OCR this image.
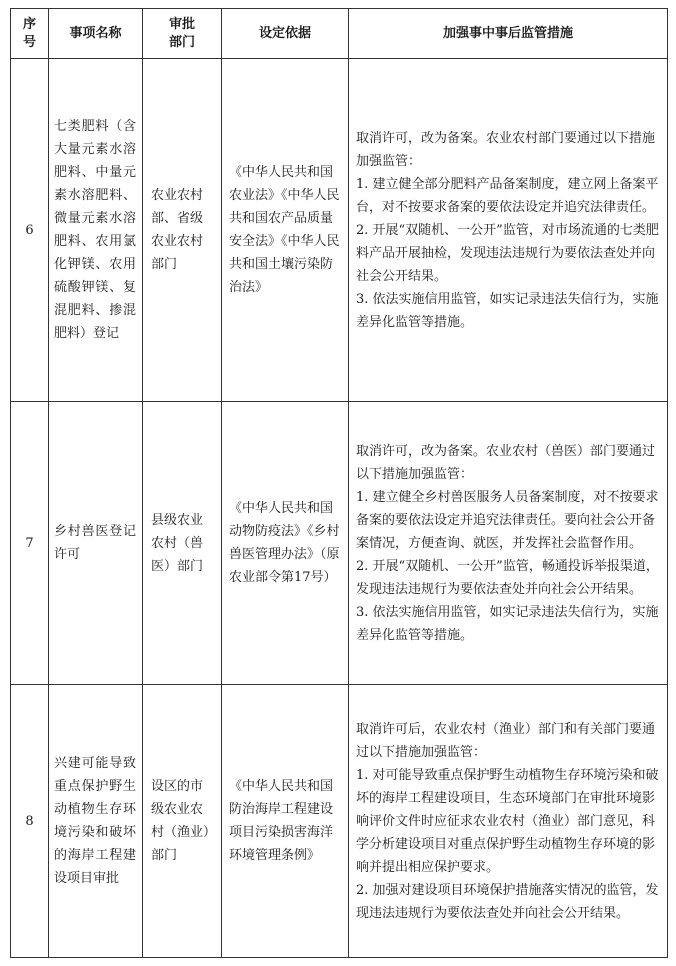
序号	事项名称	审批部门	设定依据	加强事中事后监管措施
6	七类肥料（含大量元素水溶肥料、中量元素水溶肥料、微量元素水溶肥料、农用氯化钾镁、农用硫酸钾镁、复混肥料、掺混肥料）登记	农业农村部、省级农业农村部门	《中华人民共和国农业法》《中华人民共和国农产品质量安全法》《中华人民共和国土壤污染防治法》	取消许可，改为备案。农业农村部门要通过以下措施加强监管：
1. 建立健全部分肥料产品备案制度，建立网上备案平台，对不按要求备案的要依法设定并追究法律责任。
2. 开展“双随机、一公开”监管，对市场流通的七类肥料产品开展抽检，发现违法违规行为要依法查处并向社会公开结果。
3. 依法实施信用监管，如实记录违法失信行为，实施差异化监管等措施。

7	乡村兽医登记许可	县级农业农村（兽医）部门	《中华人民共和国动物防疫法》《乡村兽医管理办法》（原农业部令第17号）	取消许可，改为备案。农业农村（兽医）部门要通过以下措施加强监管：
1. 建立健全乡村兽医服务人员备案制度，对不按要求备案的要依法设定并追究法律责任。要向社会公开备案情况，方便查询、就医，并发挥社会监督作用。
2. 开展“双随机、一公开”监管，畅通投诉举报渠道，发现违法违规行为要依法查处并向社会公开结果。
3. 依法实施信用监管，如实记录违法失信行为，实施差异化监管等措施。

8	兴建可能导致重点保护野生动植物生存环境污染和破坏的海岸工程建设项目审批	设区的市级农业农村（渔业）部门	《中华人民共和国防治海岸工程建设项目污染损害海洋环境管理条例》	取消许可后，农业农村（渔业）部门和有关部门要通过以下措施加强监管：
1. 对可能导致重点保护野生动植物生存环境污染和破坏的海岸工程建设项目，生态环境部门在审批环境影响评价文件时应征求农业农村（渔业）部门意见，科学分析建设项目对重点保护野生动植物生存环境的影响并提出相应保护要求。
2. 加强对建设项目环境保护措施落实情况的监管，发现违法违规行为要依法查处并向社会公开结果。
